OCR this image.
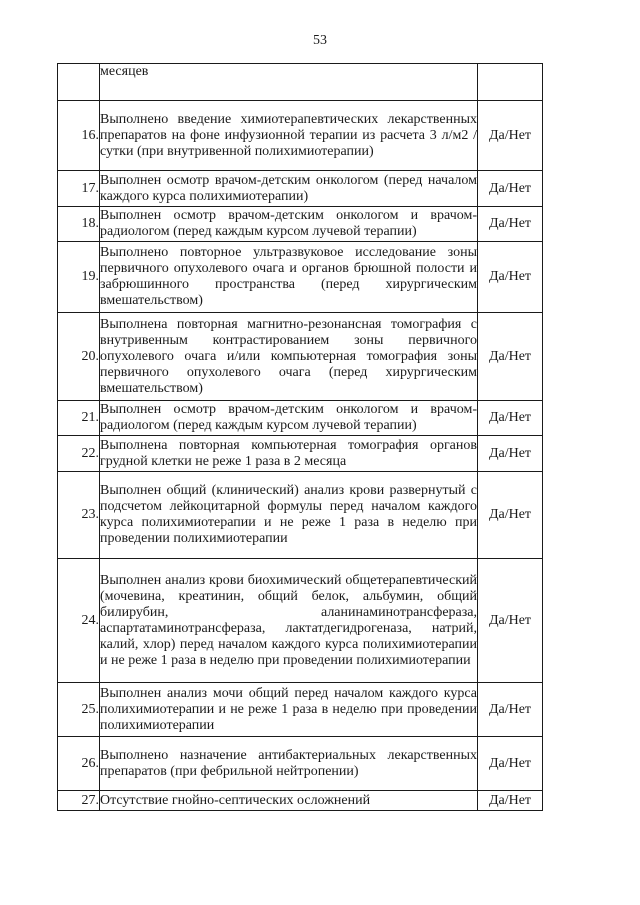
53
	месяцев	
16.	Выполнено введение химиотерапевтических лекарственных препаратов на фоне инфузионной терапии из расчета 3 л/м2 /сутки (при внутривенной полихимиотерапии)	Да/Нет
17.	Выполнен осмотр врачом-детским онкологом (перед началом каждого курса полихимиотерапии)	Да/Нет
18.	Выполнен осмотр врачом-детским онкологом и врачом-радиологом (перед каждым курсом лучевой терапии)	Да/Нет
19.	Выполнено повторное ультразвуковое исследование зоны первичного опухолевого очага и органов брюшной полости и забрюшинного пространства (перед хирургическим вмешательством)	Да/Нет
20.	Выполнена повторная магнитно-резонансная томография с внутривенным контрастированием зоны первичного опухолевого очага и/или компьютерная томография зоны первичного опухолевого очага (перед хирургическим вмешательством)	Да/Нет
21.	Выполнен осмотр врачом-детским онкологом и врачом-радиологом (перед каждым курсом лучевой терапии)	Да/Нет
22.	Выполнена повторная компьютерная томография органов грудной клетки не реже 1 раза в 2 месяца	Да/Нет
23.	Выполнен общий (клинический) анализ крови развернутый с подсчетом лейкоцитарной формулы перед началом каждого курса полихимиотерапии и не реже 1 раза в неделю при проведении полихимиотерапии	Да/Нет
24.	Выполнен анализ крови биохимический общетерапевтический (мочевина, креатинин, общий белок, альбумин, общий билирубин, аланинаминотрансфераза, аспартатаминотрансфераза, лактатдегидрогеназа, натрий, калий, хлор) перед началом каждого курса полихимиотерапии и не реже 1 раза в неделю при проведении полихимиотерапии	Да/Нет
25.	Выполнен анализ мочи общий перед началом каждого курса полихимиотерапии и не реже 1 раза в неделю при проведении полихимиотерапии	Да/Нет
26.	Выполнено назначение антибактериальных лекарственных препаратов (при фебрильной нейтропении)	Да/Нет
27.	Отсутствие гнойно-септических осложнений	Да/Нет
